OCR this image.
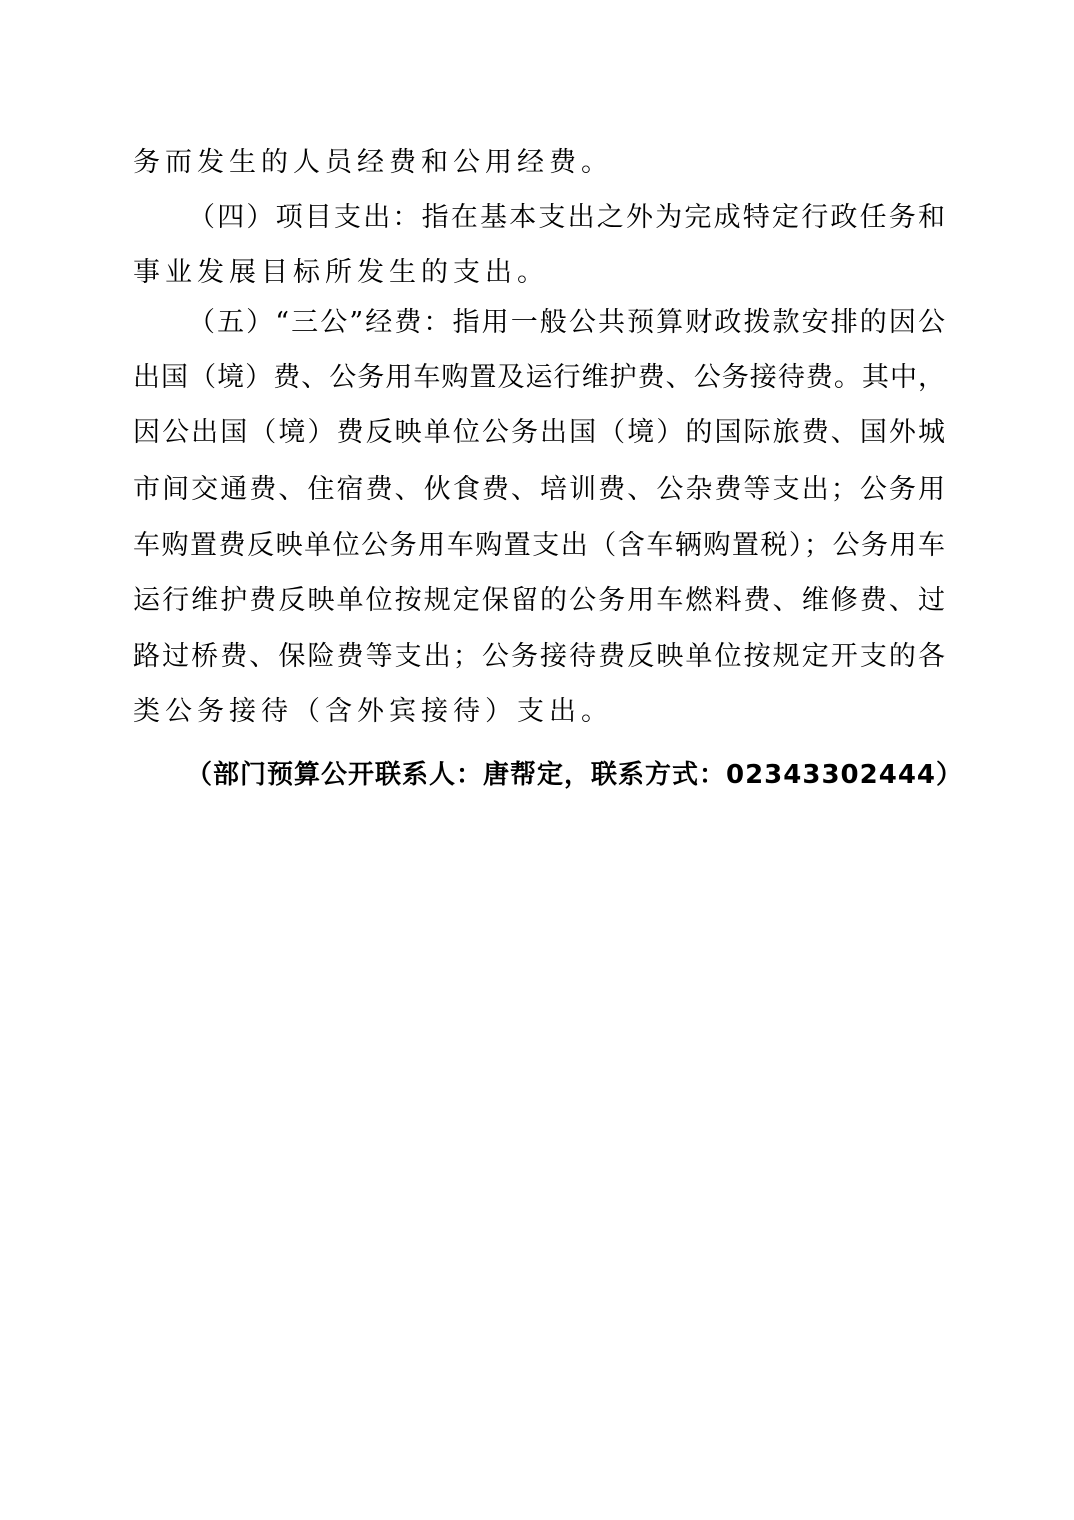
务而发生的人员经费和公用经费。
（四）项目支出：指在基本支出之外为完成特定行政任务和
事业发展目标所发生的支出。
（五）“三公”经费：指用一般公共预算财政拨款安排的因公
出国（境）费、公务用车购置及运行维护费、公务接待费。其中，
因公出国（境）费反映单位公务出国（境）的国际旅费、国外城
市间交通费、住宿费、伙食费、培训费、公杂费等支出；公务用
车购置费反映单位公务用车购置支出（含车辆购置税）；公务用车
运行维护费反映单位按规定保留的公务用车燃料费、维修费、过
路过桥费、保险费等支出；公务接待费反映单位按规定开支的各
类公务接待（含外宾接待）支出。
（部门预算公开联系人：唐帮定，联系方式：02343302444）
